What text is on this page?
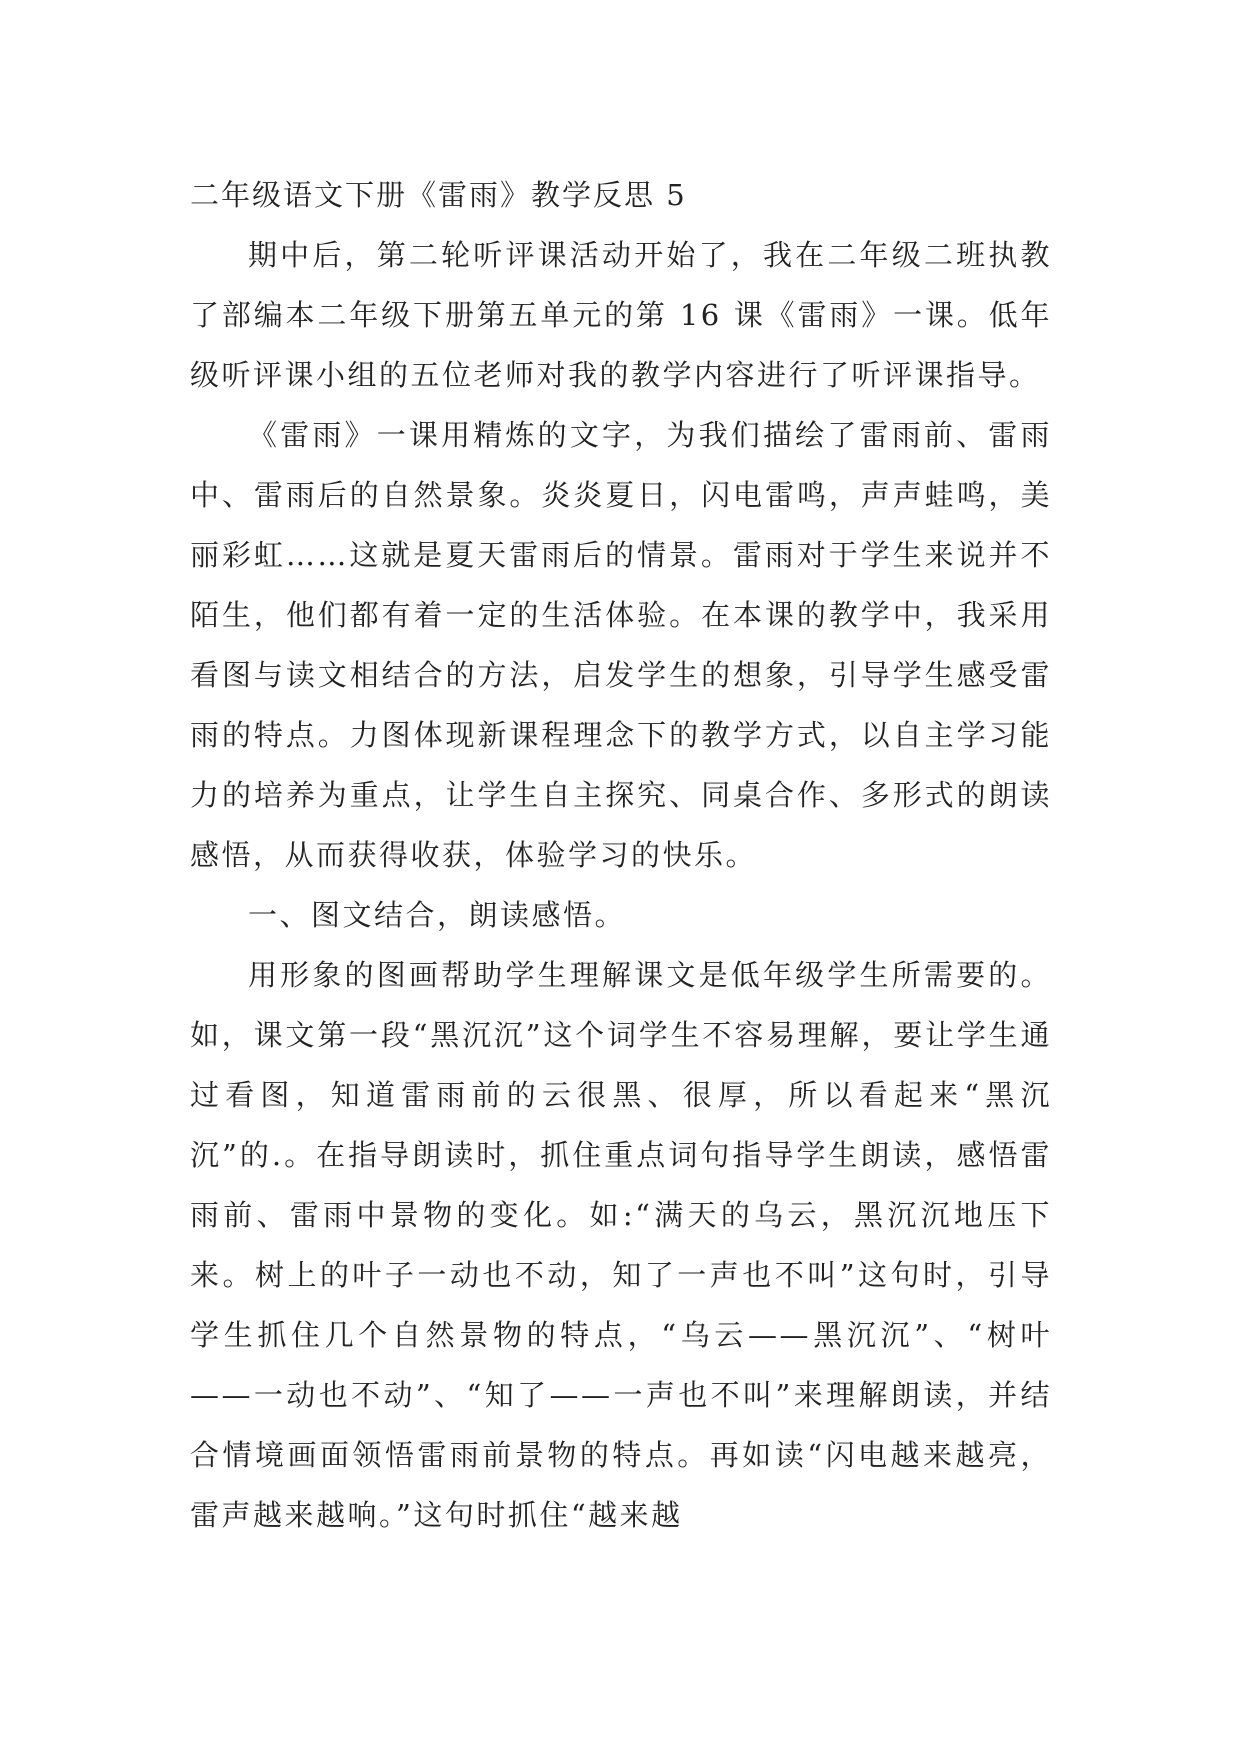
二年级语文下册《雷雨》教学反思 5

期中后，第二轮听评课活动开始了，我在二年级二班执教了部编本二年级下册第五单元的第 16 课《雷雨》一课。低年级听评课小组的五位老师对我的教学内容进行了听评课指导。

《雷雨》一课用精炼的文字，为我们描绘了雷雨前、雷雨中、雷雨后的自然景象。炎炎夏日，闪电雷鸣，声声蛙鸣，美丽彩虹……这就是夏天雷雨后的情景。雷雨对于学生来说并不陌生，他们都有着一定的生活体验。在本课的教学中，我采用看图与读文相结合的方法，启发学生的想象，引导学生感受雷雨的特点。力图体现新课程理念下的教学方式，以自主学习能力的培养为重点，让学生自主探究、同桌合作、多形式的朗读感悟，从而获得收获，体验学习的快乐。

一、图文结合，朗读感悟。

用形象的图画帮助学生理解课文是低年级学生所需要的。如，课文第一段“黑沉沉”这个词学生不容易理解，要让学生通过看图，知道雷雨前的云很黑、很厚，所以看起来“黑沉沉”的.。在指导朗读时，抓住重点词句指导学生朗读，感悟雷雨前、雷雨中景物的变化。如:“满天的乌云，黑沉沉地压下来。树上的叶子一动也不动，知了一声也不叫”这句时，引导学生抓住几个自然景物的特点，“乌云——黑沉沉”、“树叶——一动也不动”、“知了——一声也不叫”来理解朗读，并结合情境画面领悟雷雨前景物的特点。再如读“闪电越来越亮，雷声越来越响。”这句时抓住“越来越
